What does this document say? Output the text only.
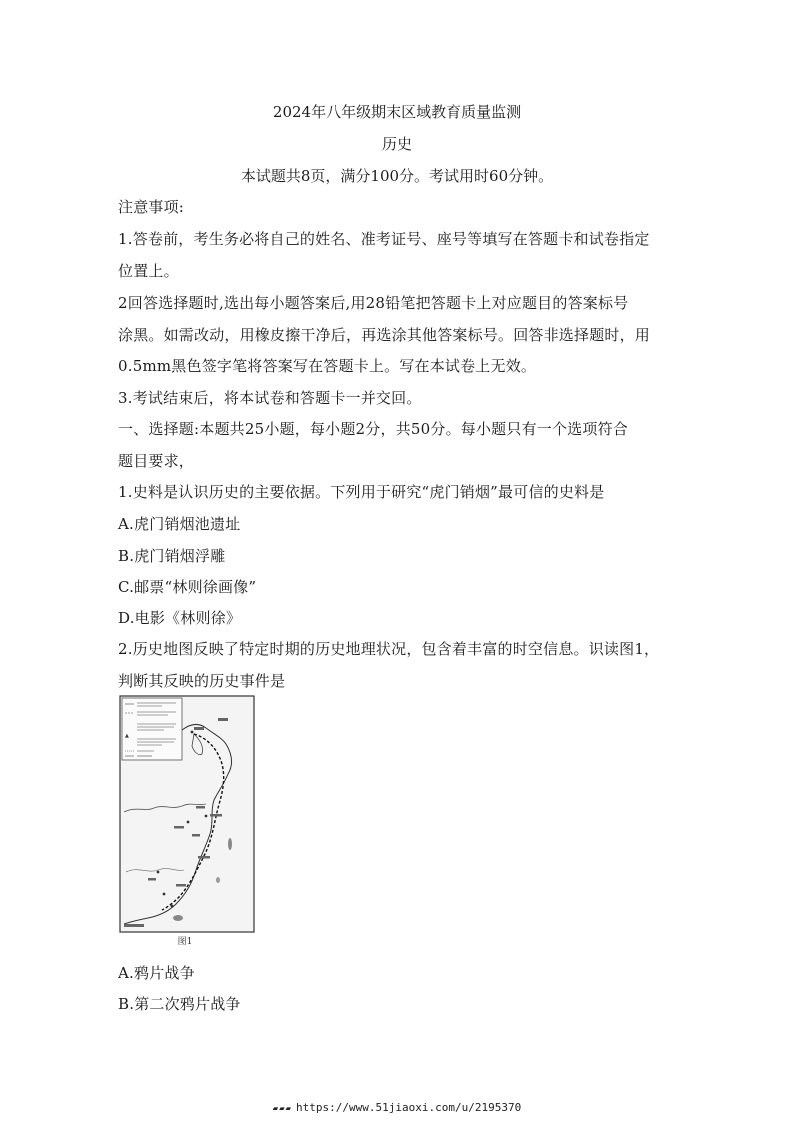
2024年八年级期末区域教育质量监测
历史
本试题共8页，满分100分。考试用时60分钟。
注意事项:
1.答卷前，考生务必将自己的姓名、准考证号、座号等填写在答题卡和试卷指定
位置上。
2回答选择题时,选出每小题答案后,用28铅笔把答题卡上对应题目的答案标号
涂黑。如需改动，用橡皮擦干净后，再选涂其他答案标号。回答非选择题时，用
0.5mm黑色签字笔将答案写在答题卡上。写在本试卷上无效。
3.考试结束后，将本试卷和答题卡一并交回。
一、选择题:本题共25小题，每小题2分，共50分。每小题只有一个选项符合
题目要求，
1.史料是认识历史的主要依据。下列用于研究“虎门销烟”最可信的史料是
A.虎门销烟池遗址
B.虎门销烟浮雕
C.邮票“林则徐画像”
D.电影《林则徐》
2.历史地图反映了特定时期的历史地理状况，包含着丰富的时空信息。识读图1，
判断其反映的历史事件是
▲
图1
A.鸦片战争
B.第二次鸦片战争
▰▰▰ https://www.51jiaoxi.com/u/2195370
